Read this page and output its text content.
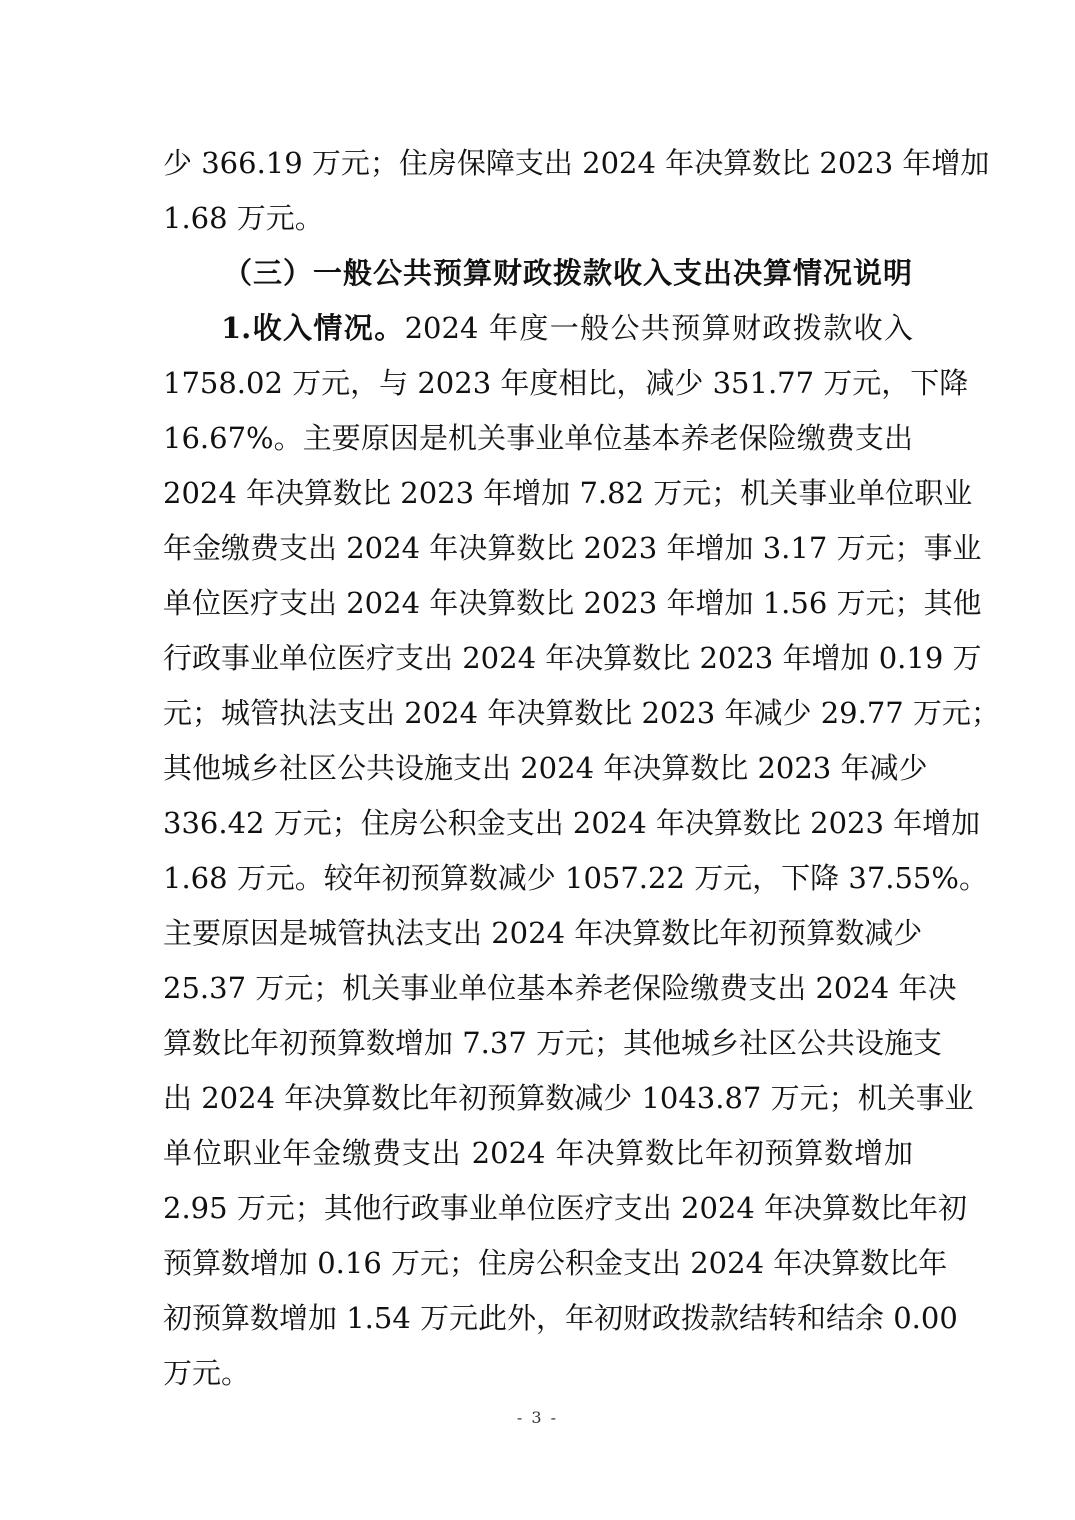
少 366.19 万元；住房保障支出 2024 年决算数比 2023 年增加
1.68 万元。
（三）一般公共预算财政拨款收入支出决算情况说明
1.收入情况。2024 年度一般公共预算财政拨款收入
1758.02 万元，与 2023 年度相比，减少 351.77 万元，下降
16.67%。主要原因是机关事业单位基本养老保险缴费支出
2024 年决算数比 2023 年增加 7.82 万元；机关事业单位职业
年金缴费支出 2024 年决算数比 2023 年增加 3.17 万元；事业
单位医疗支出 2024 年决算数比 2023 年增加 1.56 万元；其他
行政事业单位医疗支出 2024 年决算数比 2023 年增加 0.19 万
元；城管执法支出 2024 年决算数比 2023 年减少 29.77 万元；
其他城乡社区公共设施支出 2024 年决算数比 2023 年减少
336.42 万元；住房公积金支出 2024 年决算数比 2023 年增加
1.68 万元。较年初预算数减少 1057.22 万元，下降 37.55%。
主要原因是城管执法支出 2024 年决算数比年初预算数减少
25.37 万元；机关事业单位基本养老保险缴费支出 2024 年决
算数比年初预算数增加 7.37 万元；其他城乡社区公共设施支
出 2024 年决算数比年初预算数减少 1043.87 万元；机关事业
单位职业年金缴费支出 2024 年决算数比年初预算数增加
2.95 万元；其他行政事业单位医疗支出 2024 年决算数比年初
预算数增加 0.16 万元；住房公积金支出 2024 年决算数比年
初预算数增加 1.54 万元此外，年初财政拨款结转和结余 0.00
万元。
- 3 -
